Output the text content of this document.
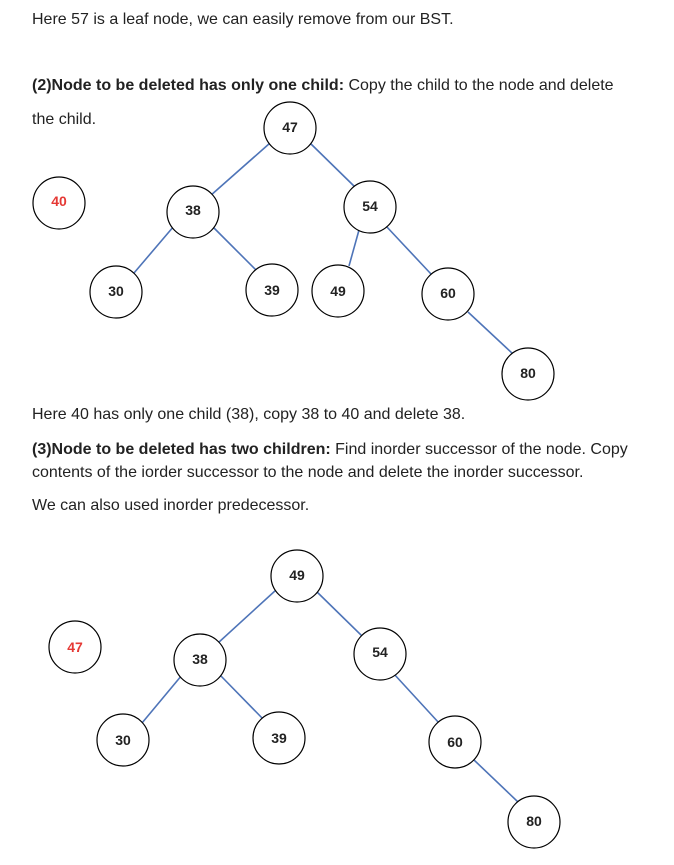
Here 57 is a leaf node, we can easily remove from our BST.

(2)Node to be deleted has only one child: Copy the child to the node and delete

the child.

40
47
38	54
30	39	49	60
80

Here 40 has only one child (38), copy 38 to 40 and delete 38.

(3)Node to be deleted has two children: Find inorder successor of the node. Copy

contents of the iorder successor to the node and delete the inorder successor.

We can also used inorder predecessor.

47
49
38	54
30	39	60
80
